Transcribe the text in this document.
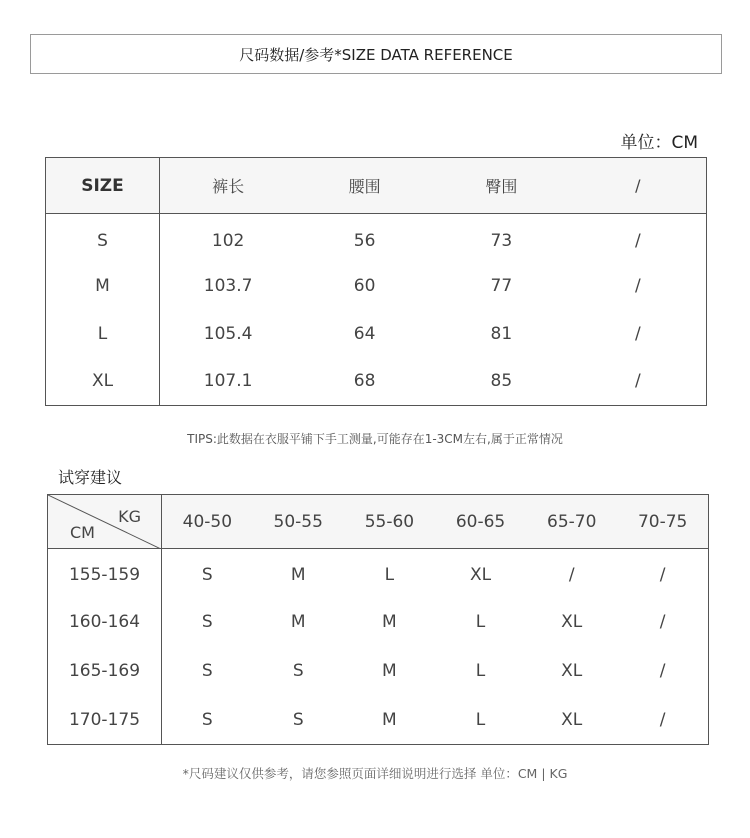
尺码数据/参考*SIZE DATA REFERENCE
单位：CM
SIZE	裤长	腰围	臀围	/
S	102	56	73	/
M	103.7	60	77	/
L	105.4	64	81	/
XL	107.1	68	85	/
TIPS:此数据在衣服平铺下手工测量,可能存在1-3CM左右,属于正常情况
试穿建议
KG
CM	40-50	50-55	55-60	60-65	65-70	70-75
155-159	S	M	L	XL	/	/
160-164	S	M	M	L	XL	/
165-169	S	S	M	L	XL	/
170-175	S	S	M	L	XL	/
*尺码建议仅供参考，请您参照页面详细说明进行选择 单位：CM | KG
